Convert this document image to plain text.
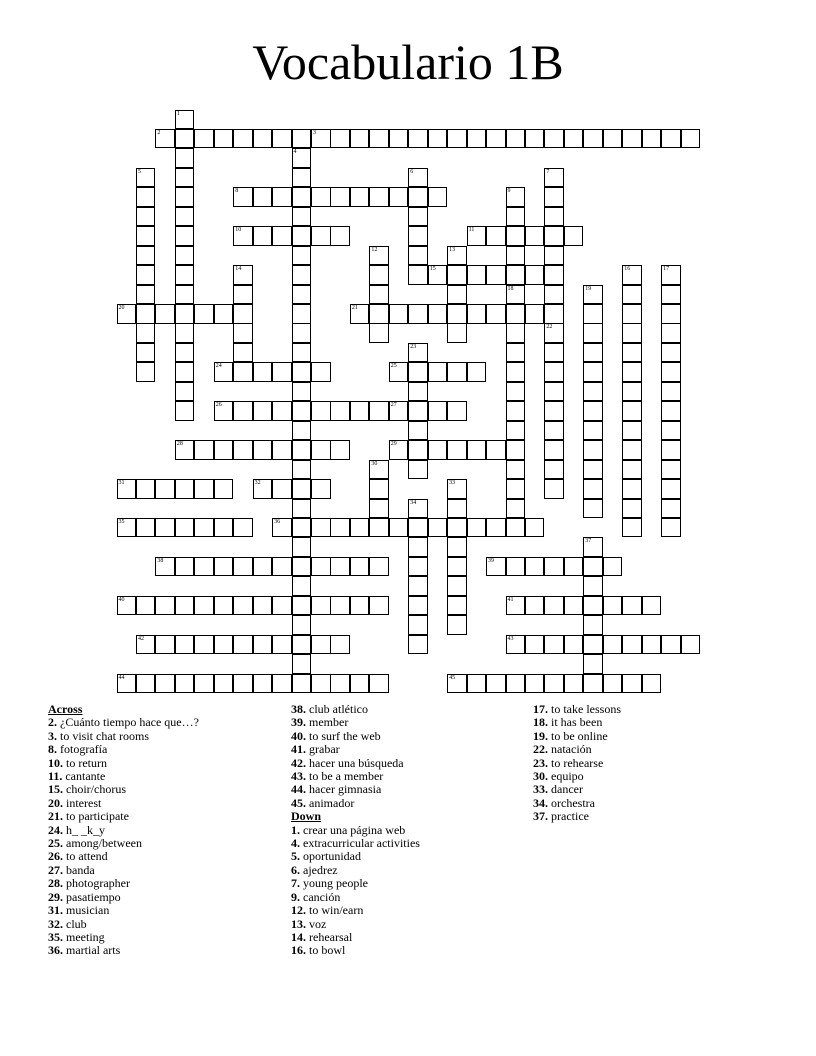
Vocabulario 1B
2	3
8
10	11
15
20	21
24	25
26	27
28	29
31	32
35	36
38	39
40	41
42	43
44	45
1
4
5	6	7
9
12	13
14	16	17
18	19
22
23
30
33
34
37
Across
2. ¿Cuánto tiempo hace que…?
3. to visit chat rooms
8. fotografía
10. to return
11. cantante
15. choir/chorus
20. interest
21. to participate
24. h_ _k_y
25. among/between
26. to attend
27. banda
28. photographer
29. pasatiempo
31. musician
32. club
35. meeting
36. martial arts
38. club atlético
39. member
40. to surf the web
41. grabar
42. hacer una búsqueda
43. to be a member
44. hacer gimnasia
45. animador
Down
1. crear una página web
4. extracurricular activities
5. oportunidad
6. ajedrez
7. young people
9. canción
12. to win/earn
13. voz
14. rehearsal
16. to bowl
17. to take lessons
18. it has been
19. to be online
22. natación
23. to rehearse
30. equipo
33. dancer
34. orchestra
37. practice
